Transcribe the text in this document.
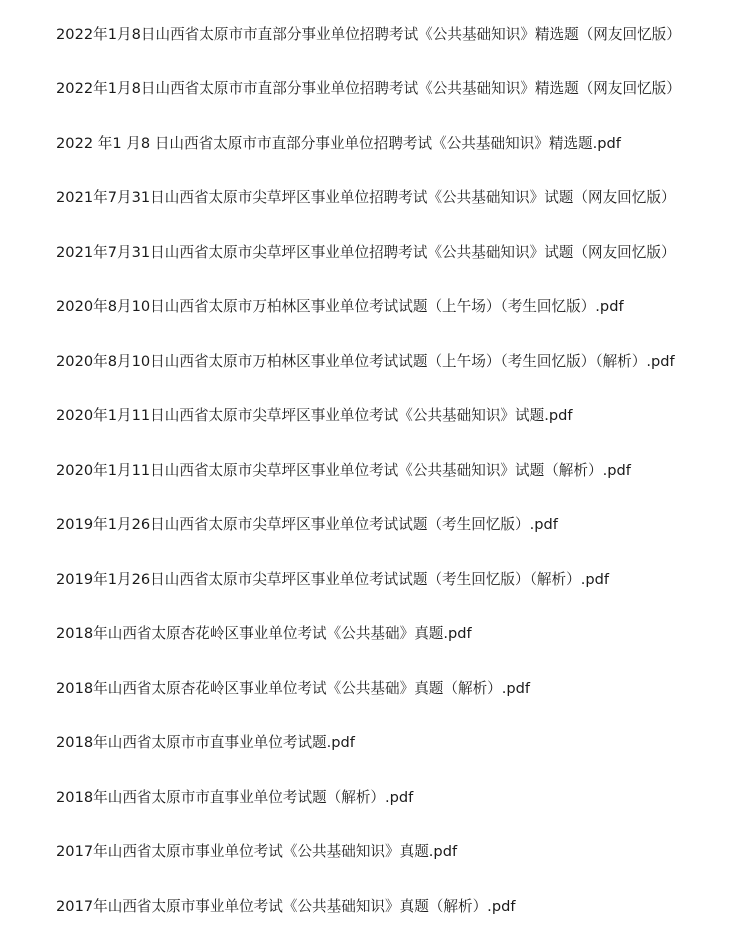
2022年1月8日山西省太原市市直部分事业单位招聘考试《公共基础知识》精选题（网友回忆版）
2022年1月8日山西省太原市市直部分事业单位招聘考试《公共基础知识》精选题（网友回忆版）
2022 年1 月8 日山西省太原市市直部分事业单位招聘考试《公共基础知识》精选题.pdf
2021年7月31日山西省太原市尖草坪区事业单位招聘考试《公共基础知识》试题（网友回忆版）
2021年7月31日山西省太原市尖草坪区事业单位招聘考试《公共基础知识》试题（网友回忆版）
2020年8月10日山西省太原市万柏林区事业单位考试试题（上午场）（考生回忆版）.pdf
2020年8月10日山西省太原市万柏林区事业单位考试试题（上午场）（考生回忆版）（解析）.pdf
2020年1月11日山西省太原市尖草坪区事业单位考试《公共基础知识》试题.pdf
2020年1月11日山西省太原市尖草坪区事业单位考试《公共基础知识》试题（解析）.pdf
2019年1月26日山西省太原市尖草坪区事业单位考试试题（考生回忆版）.pdf
2019年1月26日山西省太原市尖草坪区事业单位考试试题（考生回忆版）（解析）.pdf
2018年山西省太原杏花岭区事业单位考试《公共基础》真题.pdf
2018年山西省太原杏花岭区事业单位考试《公共基础》真题（解析）.pdf
2018年山西省太原市市直事业单位考试题.pdf
2018年山西省太原市市直事业单位考试题（解析）.pdf
2017年山西省太原市事业单位考试《公共基础知识》真题.pdf
2017年山西省太原市事业单位考试《公共基础知识》真题（解析）.pdf
